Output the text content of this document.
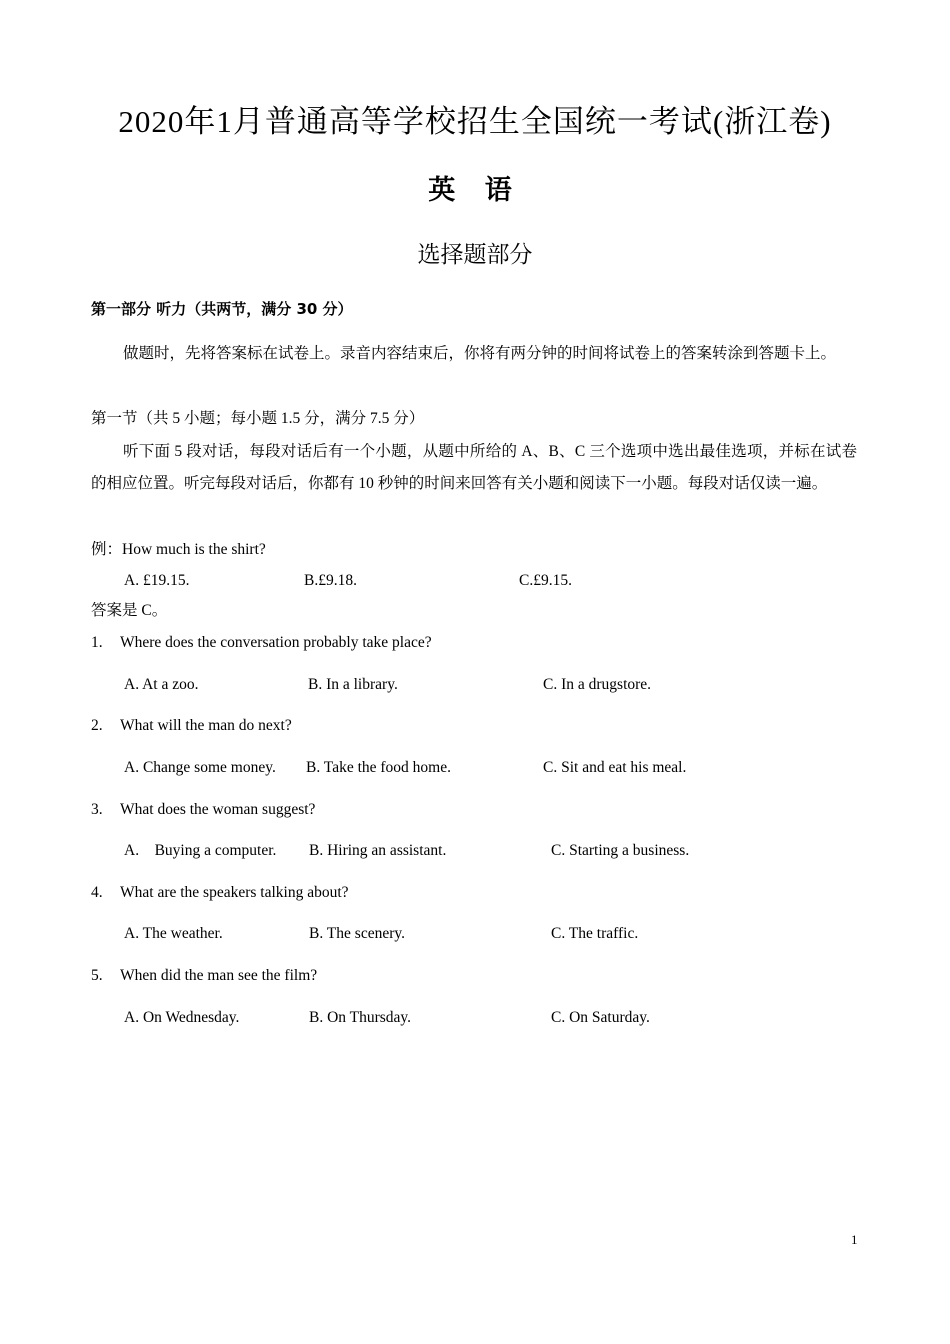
2020年1月普通高等学校招生全国统一考试(浙江卷)
英 语
选择题部分
第一部分 听力（共两节，满分 30 分）
做题时，先将答案标在试卷上。录音内容结束后，你将有两分钟的时间将试卷上的答案转涂到答题卡上。
第一节（共 5 小题；每小题 1.5 分，满分 7.5 分）
听下面 5 段对话，每段对话后有一个小题，从题中所给的 A、B、C 三个选项中选出最佳选项，并标在试卷的相应位置。听完每段对话后，你都有 10 秒钟的时间来回答有关小题和阅读下一小题。每段对话仅读一遍。
例：How much is the shirt?
A. £19.15.	B.£9.18.	C.£9.15.
答案是 C。
1. Where does the conversation probably take place?
A. At a zoo.	B. In a library.	C. In a drugstore.
2. What will the man do next?
A. Change some money. B. Take the food home.	C. Sit and eat his meal.
3. What does the woman suggest?
A.    Buying a computer. B. Hiring an assistant.	C. Starting a business.
4. What are the speakers talking about?
A. The weather.	B. The scenery.	C. The traffic.
5. When did the man see the film?
A. On Wednesday.	B. On Thursday.	C. On Saturday.
1
